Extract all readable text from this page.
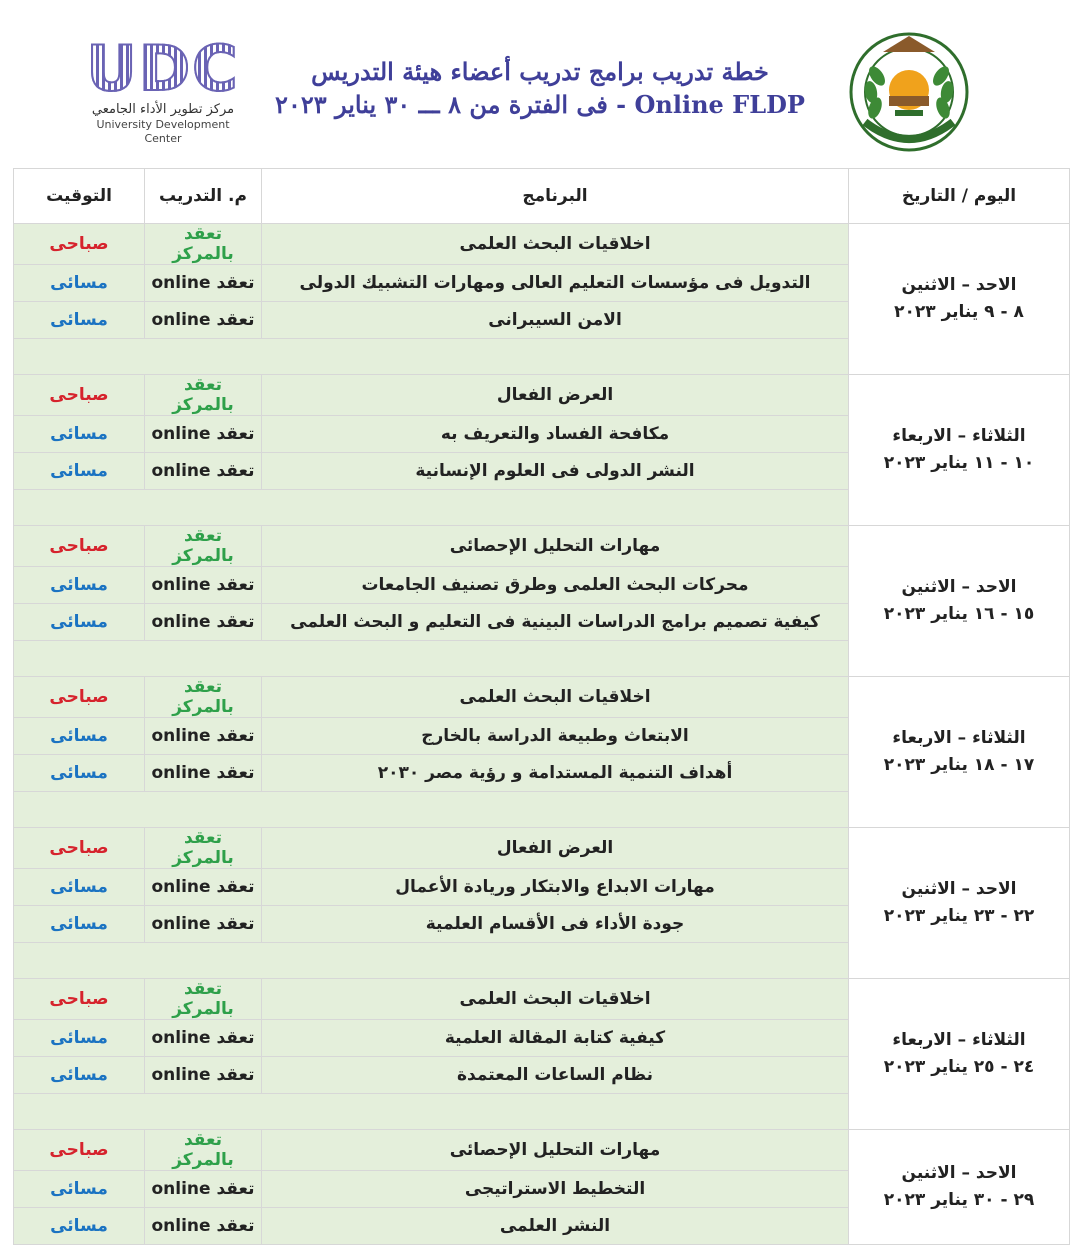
UDC
مركز تطوير الأداء الجامعي
University Development Center
خطة تدريب برامج تدريب أعضاء هيئة التدريس
Online FLDP - فى الفترة من ٨ ـــ ٣٠ يناير ٢٠٢٣
اليوم / التاريخ	البرنامج	م. التدريب	التوقيت

الاحد – الاثنين
٨ - ٩ يناير ٢٠٢٣	اخلاقيات البحث العلمى	تعقد بالمركز	صباحى
	التدويل فى مؤسسات التعليم العالى ومهارات التشبيك الدولى	تعقد online	مسائى
	الامن السيبرانى	تعقد online	مسائى

الثلاثاء – الاربعاء
١٠ - ١١ يناير ٢٠٢٣	العرض الفعال	تعقد بالمركز	صباحى
	مكافحة الفساد والتعريف به	تعقد online	مسائى
	النشر الدولى فى العلوم الإنسانية	تعقد online	مسائى

الاحد – الاثنين
١٥ - ١٦ يناير ٢٠٢٣	مهارات التحليل الإحصائى	تعقد بالمركز	صباحى
	محركات البحث العلمى وطرق تصنيف الجامعات	تعقد online	مسائى
	كيفية تصميم برامج الدراسات البينية فى التعليم و البحث العلمى	تعقد online	مسائى

الثلاثاء – الاربعاء
١٧ - ١٨ يناير ٢٠٢٣	اخلاقيات البحث العلمى	تعقد بالمركز	صباحى
	الابتعاث وطبيعة الدراسة بالخارج	تعقد online	مسائى
	أهداف التنمية المستدامة و رؤية مصر ٢٠٣٠	تعقد online	مسائى

الاحد – الاثنين
٢٢ - ٢٣ يناير ٢٠٢٣	العرض الفعال	تعقد بالمركز	صباحى
	مهارات الابداع والابتكار وريادة الأعمال	تعقد online	مسائى
	جودة الأداء فى الأقسام العلمية	تعقد online	مسائى

الثلاثاء – الاربعاء
٢٤ - ٢٥ يناير ٢٠٢٣	اخلاقيات البحث العلمى	تعقد بالمركز	صباحى
	كيفية كتابة المقالة العلمية	تعقد online	مسائى
	نظام الساعات المعتمدة	تعقد online	مسائى

الاحد – الاثنين
٢٩ - ٣٠ يناير ٢٠٢٣	مهارات التحليل الإحصائى	تعقد بالمركز	صباحى
	التخطيط الاستراتيجى	تعقد online	مسائى
	النشر العلمى	تعقد online	مسائى
